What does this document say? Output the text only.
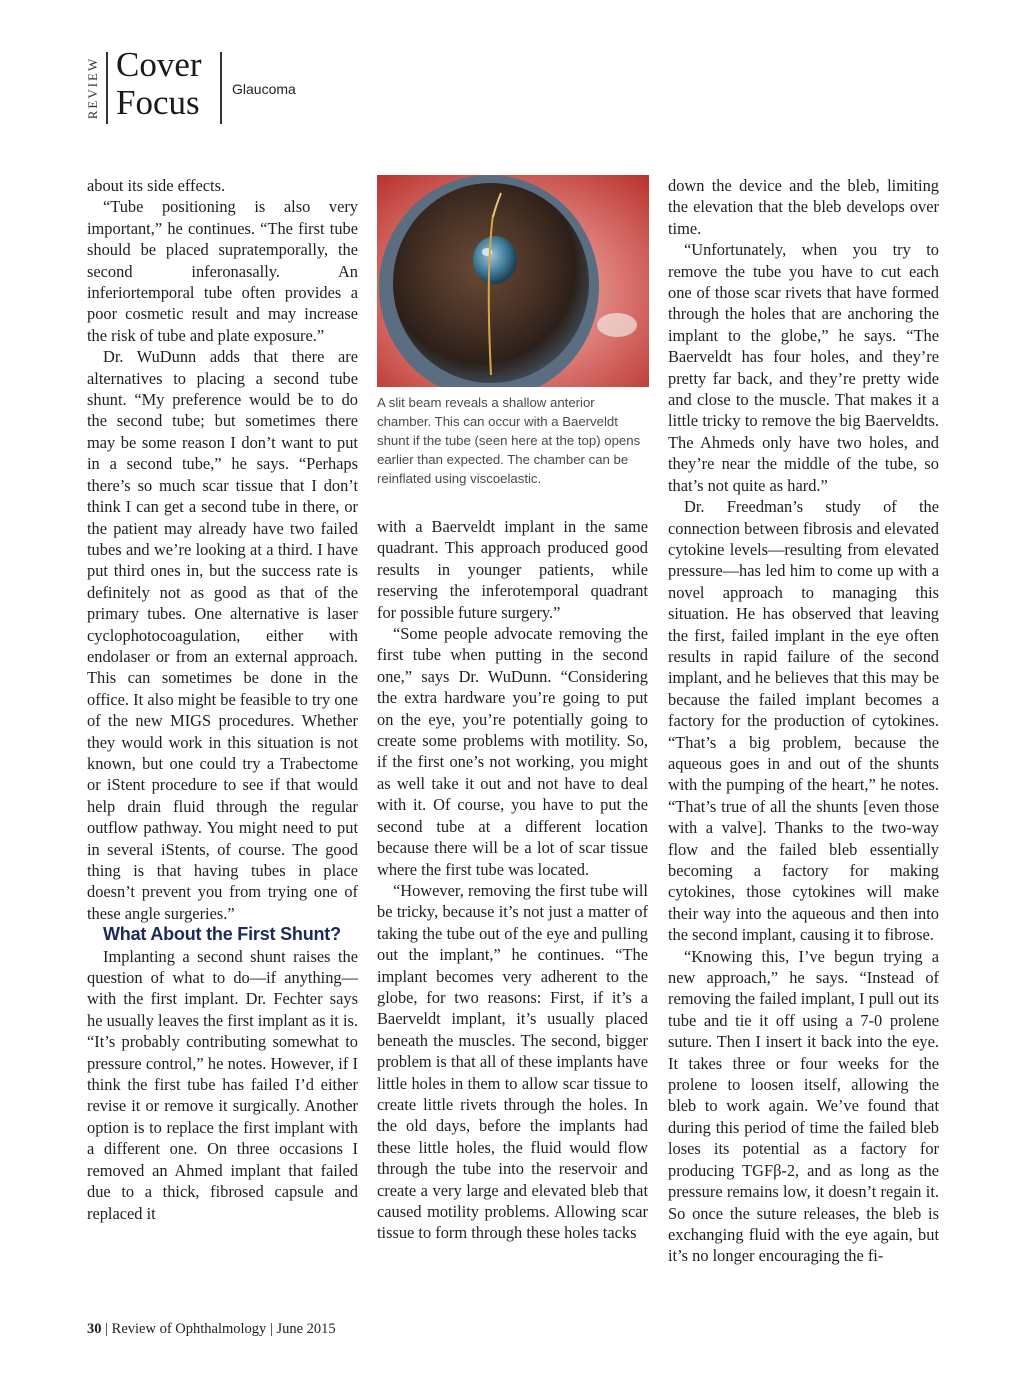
REVIEW Cover
Focus Glaucoma

about its side effects.

“Tube positioning is also very important,” he continues. “The first tube should be placed supratemporally, the second inferonasally. An inferiortemporal tube often provides a poor cosmetic result and may increase the risk of tube and plate exposure.”

Dr. WuDunn adds that there are alternatives to placing a second tube shunt. “My preference would be to do the second tube; but sometimes there may be some reason I don’t want to put in a second tube,” he says. “Perhaps there’s so much scar tissue that I don’t think I can get a second tube in there, or the patient may already have two failed tubes and we’re looking at a third. I have put third ones in, but the success rate is definitely not as good as that of the primary tubes. One alternative is laser cyclophotocoagulation, either with endolaser or from an external approach. This can sometimes be done in the office. It also might be feasible to try one of the new MIGS procedures. Whether they would work in this situation is not known, but one could try a Trabectome or iStent procedure to see if that would help drain fluid through the regular outflow pathway. You might need to put in several iStents, of course. The good thing is that having tubes in place doesn’t prevent you from trying one of these angle surgeries.”

What About the First Shunt?

Implanting a second shunt raises the question of what to do—if anything—with the first implant. Dr. Fechter says he usually leaves the first implant as it is. “It’s probably contributing somewhat to pressure control,” he notes. However, if I think the first tube has failed I’d either revise it or remove it surgically. Another option is to replace the first implant with a different one. On three occasions I removed an Ahmed implant that failed due to a thick, fibrosed capsule and replaced it

A slit beam reveals a shallow anterior chamber. This can occur with a Baerveldt shunt if the tube (seen here at the top) opens earlier than expected. The chamber can be reinflated using viscoelastic.

with a Baerveldt implant in the same quadrant. This approach produced good results in younger patients, while reserving the inferotemporal quadrant for possible future surgery.”

“Some people advocate removing the first tube when putting in the second one,” says Dr. WuDunn. “Considering the extra hardware you’re going to put on the eye, you’re potentially going to create some problems with motility. So, if the first one’s not working, you might as well take it out and not have to deal with it. Of course, you have to put the second tube at a different location because there will be a lot of scar tissue where the first tube was located.

“However, removing the first tube will be tricky, because it’s not just a matter of taking the tube out of the eye and pulling out the implant,” he continues. “The implant becomes very adherent to the globe, for two reasons: First, if it’s a Baerveldt implant, it’s usually placed beneath the muscles. The second, bigger problem is that all of these implants have little holes in them to allow scar tissue to create little rivets through the holes. In the old days, before the implants had these little holes, the fluid would flow through the tube into the reservoir and create a very large and elevated bleb that caused motility problems. Allowing scar tissue to form through these holes tacks

down the device and the bleb, limiting the elevation that the bleb develops over time.

“Unfortunately, when you try to remove the tube you have to cut each one of those scar rivets that have formed through the holes that are anchoring the implant to the globe,” he says. “The Baerveldt has four holes, and they’re pretty far back, and they’re pretty wide and close to the muscle. That makes it a little tricky to remove the big Baerveldts. The Ahmeds only have two holes, and they’re near the middle of the tube, so that’s not quite as hard.”

Dr. Freedman’s study of the connection between fibrosis and elevated cytokine levels—resulting from elevated pressure—has led him to come up with a novel approach to managing this situation. He has observed that leaving the first, failed implant in the eye often results in rapid failure of the second implant, and he believes that this may be because the failed implant becomes a factory for the production of cytokines. “That’s a big problem, because the aqueous goes in and out of the shunts with the pumping of the heart,” he notes. “That’s true of all the shunts [even those with a valve]. Thanks to the two-way flow and the failed bleb essentially becoming a factory for making cytokines, those cytokines will make their way into the aqueous and then into the second implant, causing it to fibrose.

“Knowing this, I’ve begun trying a new approach,” he says. “Instead of removing the failed implant, I pull out its tube and tie it off using a 7-0 prolene suture. Then I insert it back into the eye. It takes three or four weeks for the prolene to loosen itself, allowing the bleb to work again. We’ve found that during this period of time the failed bleb loses its potential as a factory for producing TGFβ-2, and as long as the pressure remains low, it doesn’t regain it. So once the suture releases, the bleb is exchanging fluid with the eye again, but it’s no longer encouraging the fi-

30 | Review of Ophthalmology | June 2015
